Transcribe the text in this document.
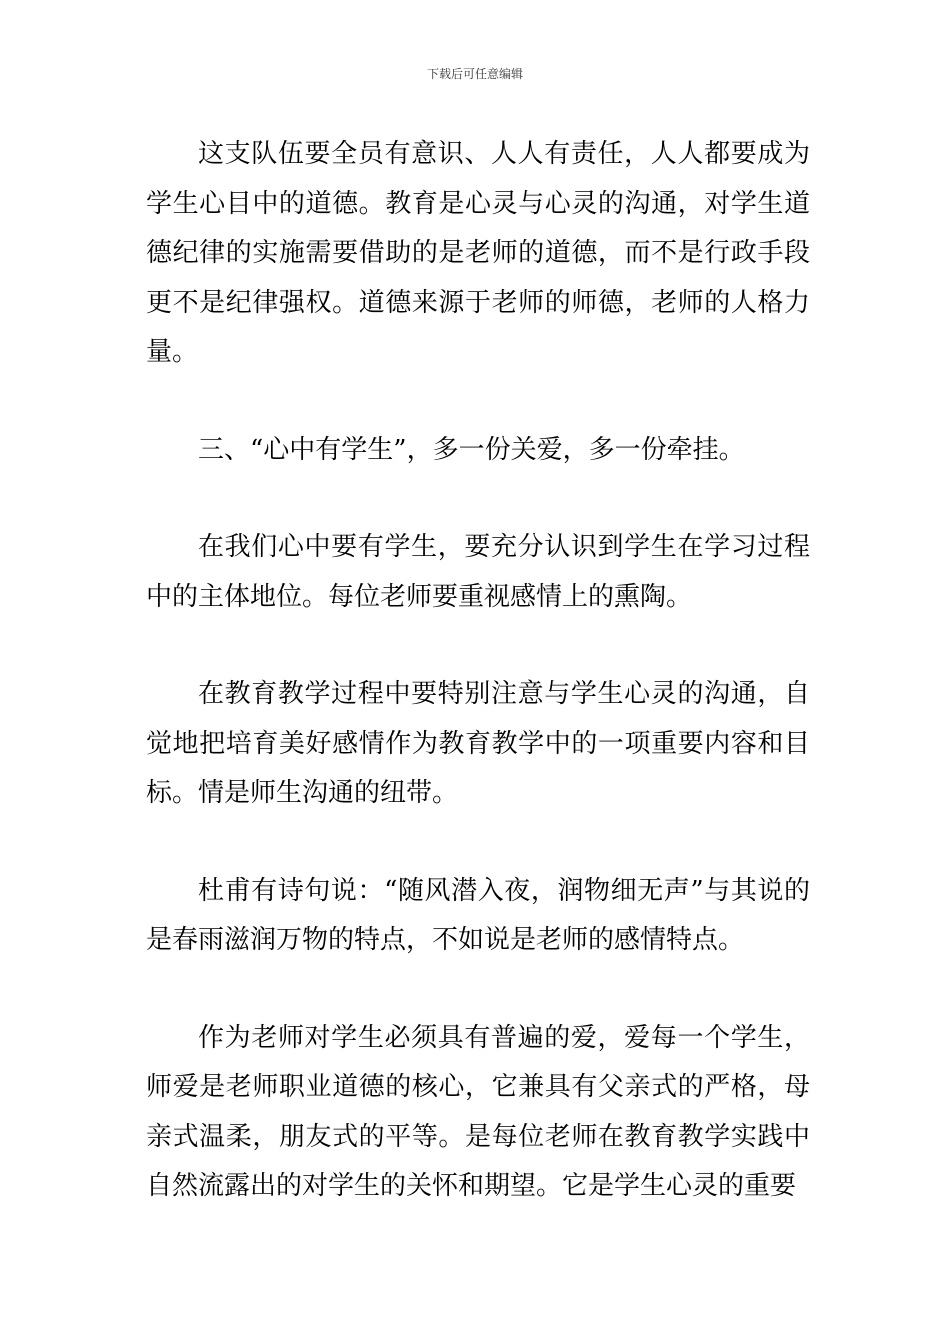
下载后可任意编辑

这支队伍要全员有意识、人人有责任，人人都要成为学生心目中的道德。教育是心灵与心灵的沟通，对学生道德纪律的实施需要借助的是老师的道德，而不是行政手段更不是纪律强权。道德来源于老师的师德，老师的人格力量。

三、“心中有学生”，多一份关爱，多一份牵挂。

在我们心中要有学生，要充分认识到学生在学习过程中的主体地位。每位老师要重视感情上的熏陶。

在教育教学过程中要特别注意与学生心灵的沟通，自觉地把培育美好感情作为教育教学中的一项重要内容和目标。情是师生沟通的纽带。

杜甫有诗句说：“随风潜入夜，润物细无声”与其说的是春雨滋润万物的特点，不如说是老师的感情特点。

作为老师对学生必须具有普遍的爱，爱每一个学生，师爱是老师职业道德的核心，它兼具有父亲式的严格，母亲式温柔，朋友式的平等。是每位老师在教育教学实践中自然流露出的对学生的关怀和期望。它是学生心灵的重要
